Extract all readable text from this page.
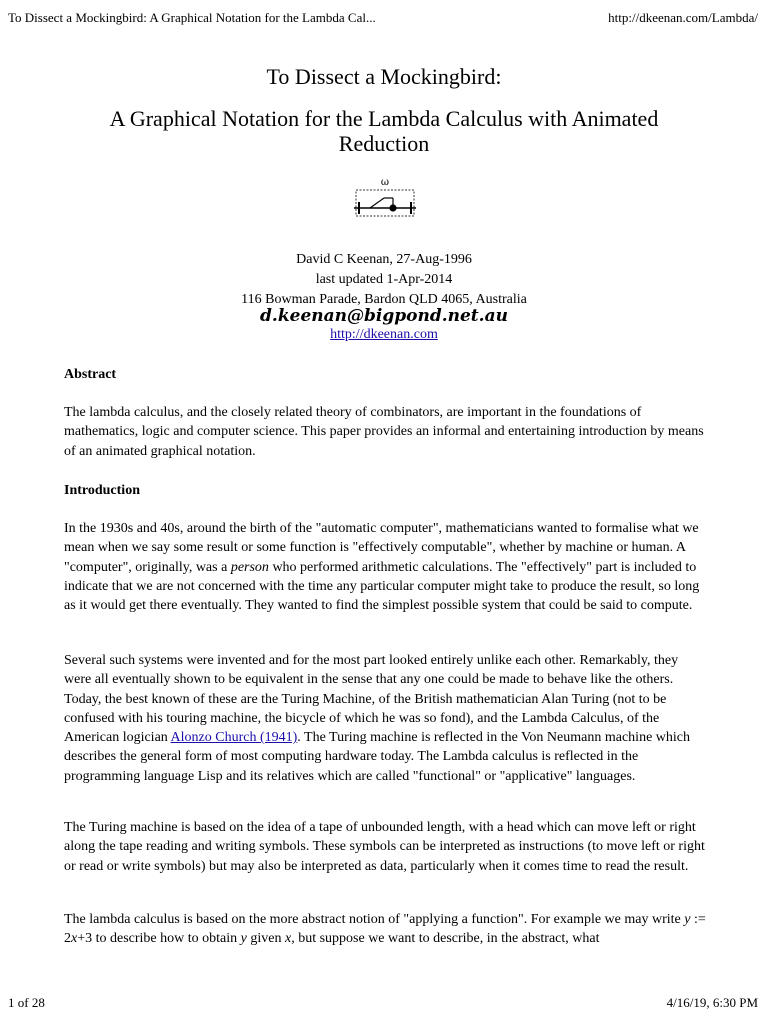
To Dissect a Mockingbird: A Graphical Notation for the Lambda Cal...	http://dkeenan.com/Lambda/
To Dissect a Mockingbird:
A Graphical Notation for the Lambda Calculus with Animated Reduction
ω
David C Keenan, 27-Aug-1996
last updated 1-Apr-2014
116 Bowman Parade, Bardon QLD 4065, Australia
d.keenan@bigpond.net.au
http://dkeenan.com

Abstract

The lambda calculus, and the closely related theory of combinators, are important in the foundations of mathematics, logic and computer science. This paper provides an informal and entertaining introduction by means of an animated graphical notation.

Introduction

In the 1930s and 40s, around the birth of the "automatic computer", mathematicians wanted to formalise what we mean when we say some result or some function is "effectively computable", whether by machine or human. A "computer", originally, was a person who performed arithmetic calculations. The "effectively" part is included to indicate that we are not concerned with the time any particular computer might take to produce the result, so long as it would get there eventually. They wanted to find the simplest possible system that could be said to compute.

Several such systems were invented and for the most part looked entirely unlike each other. Remarkably, they were all eventually shown to be equivalent in the sense that any one could be made to behave like the others. Today, the best known of these are the Turing Machine, of the British mathematician Alan Turing (not to be confused with his touring machine, the bicycle of which he was so fond), and the Lambda Calculus, of the American logician Alonzo Church (1941). The Turing machine is reflected in the Von Neumann machine which describes the general form of most computing hardware today. The Lambda calculus is reflected in the programming language Lisp and its relatives which are called "functional" or "applicative" languages.

The Turing machine is based on the idea of a tape of unbounded length, with a head which can move left or right along the tape reading and writing symbols. These symbols can be interpreted as instructions (to move left or right or read or write symbols) but may also be interpreted as data, particularly when it comes time to read the result.

The lambda calculus is based on the more abstract notion of "applying a function". For example we may write y := 2x+3 to describe how to obtain y given x, but suppose we want to describe, in the abstract, what

1 of 28	4/16/19, 6:30 PM
